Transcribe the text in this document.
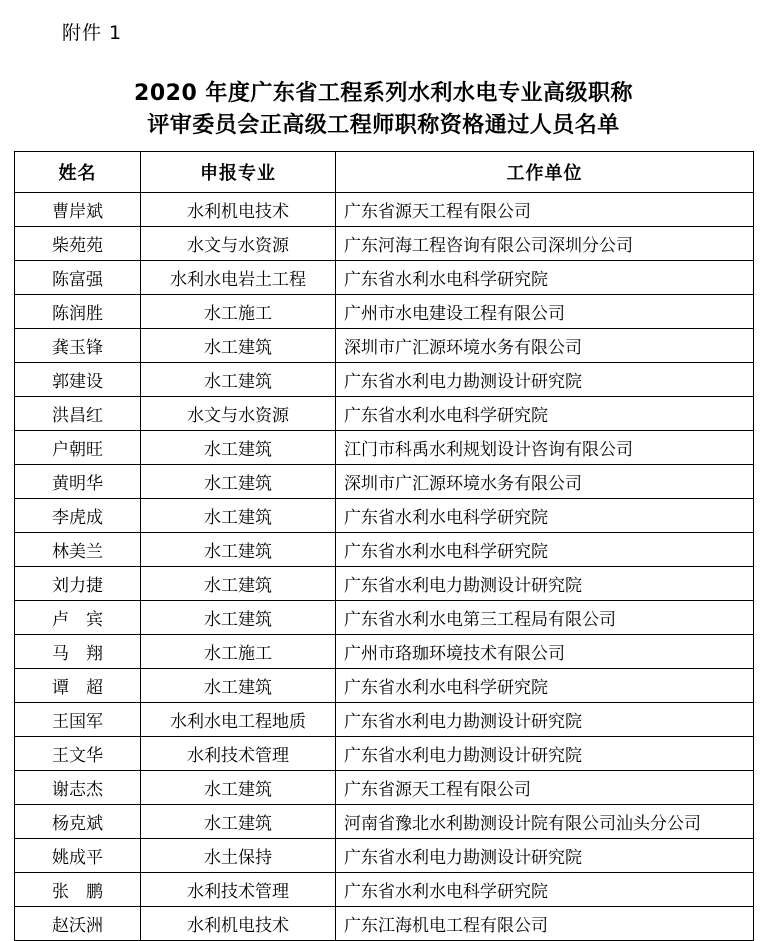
附件 1
2020 年度广东省工程系列水利水电专业高级职称
评审委员会正高级工程师职称资格通过人员名单
姓名	申报专业	工作单位
曹岸斌	水利机电技术	广东省源天工程有限公司
柴苑苑	水文与水资源	广东河海工程咨询有限公司深圳分公司
陈富强	水利水电岩土工程	广东省水利水电科学研究院
陈润胜	水工施工	广州市水电建设工程有限公司
龚玉锋	水工建筑	深圳市广汇源环境水务有限公司
郭建设	水工建筑	广东省水利电力勘测设计研究院
洪昌红	水文与水资源	广东省水利水电科学研究院
户朝旺	水工建筑	江门市科禹水利规划设计咨询有限公司
黄明华	水工建筑	深圳市广汇源环境水务有限公司
李虎成	水工建筑	广东省水利水电科学研究院
林美兰	水工建筑	广东省水利水电科学研究院
刘力捷	水工建筑	广东省水利电力勘测设计研究院
卢　宾	水工建筑	广东省水利水电第三工程局有限公司
马　翔	水工施工	广州市珞珈环境技术有限公司
谭　超	水工建筑	广东省水利水电科学研究院
王国军	水利水电工程地质	广东省水利电力勘测设计研究院
王文华	水利技术管理	广东省水利电力勘测设计研究院
谢志杰	水工建筑	广东省源天工程有限公司
杨克斌	水工建筑	河南省豫北水利勘测设计院有限公司汕头分公司
姚成平	水土保持	广东省水利电力勘测设计研究院
张　鹏	水利技术管理	广东省水利水电科学研究院
赵沃洲	水利机电技术	广东江海机电工程有限公司
